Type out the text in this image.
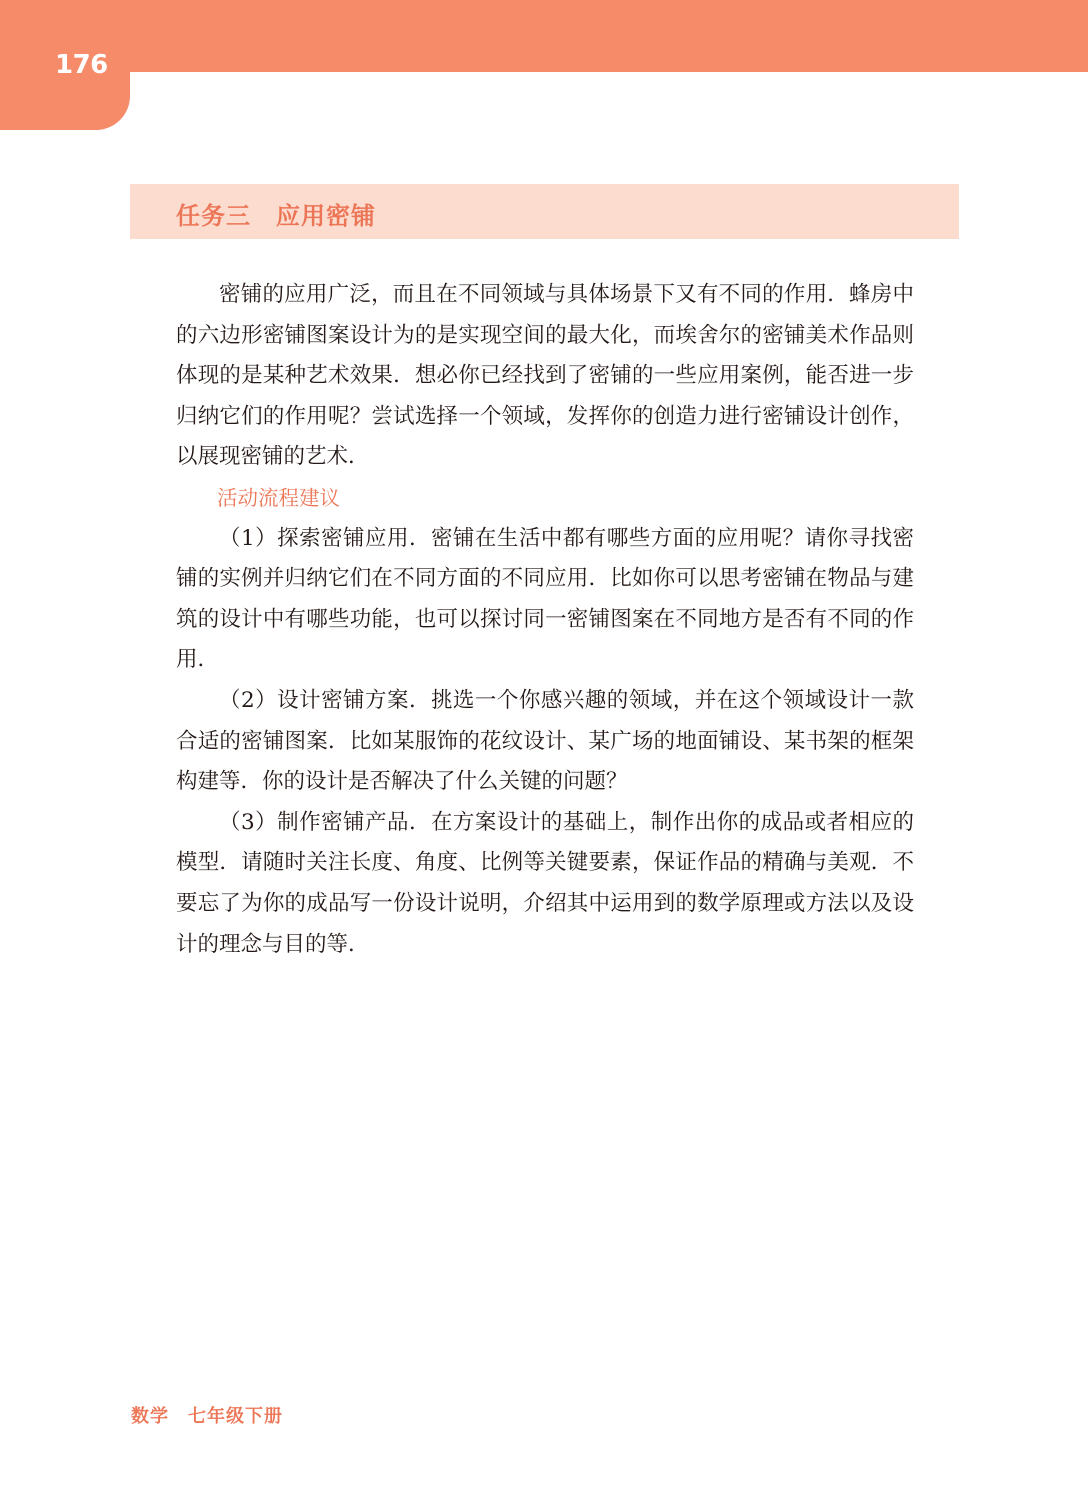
176
任务三　应用密铺

密铺的应用广泛，而且在不同领域与具体场景下又有不同的作用．蜂房中的六边形密铺图案设计为的是实现空间的最大化，而埃舍尔的密铺美术作品则体现的是某种艺术效果．想必你已经找到了密铺的一些应用案例，能否进一步归纳它们的作用呢？尝试选择一个领域，发挥你的创造力进行密铺设计创作，以展现密铺的艺术．

活动流程建议

（1）探索密铺应用．密铺在生活中都有哪些方面的应用呢？请你寻找密铺的实例并归纳它们在不同方面的不同应用．比如你可以思考密铺在物品与建筑的设计中有哪些功能，也可以探讨同一密铺图案在不同地方是否有不同的作用．

（2）设计密铺方案．挑选一个你感兴趣的领域，并在这个领域设计一款合适的密铺图案．比如某服饰的花纹设计、某广场的地面铺设、某书架的框架构建等．你的设计是否解决了什么关键的问题？

（3）制作密铺产品．在方案设计的基础上，制作出你的成品或者相应的模型．请随时关注长度、角度、比例等关键要素，保证作品的精确与美观．不要忘了为你的成品写一份设计说明，介绍其中运用到的数学原理或方法以及设计的理念与目的等．

数学　七年级下册
